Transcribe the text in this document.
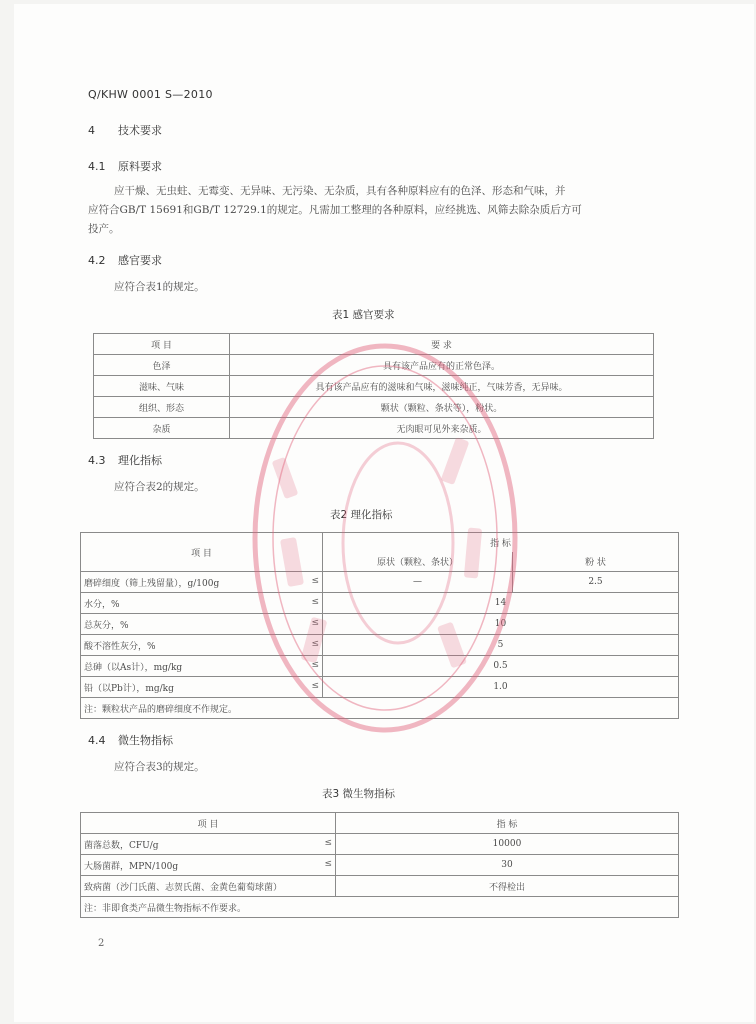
Q/KHW 0001 S—2010
4 技术要求
4.1 原料要求
应干燥、无虫蛀、无霉变、无异味、无污染、无杂质，具有各种原料应有的色泽、形态和气味，并
应符合GB/T 15691和GB/T 12729.1的规定。凡需加工整理的各种原料，应经挑选、风筛去除杂质后方可
投产。
4.2 感官要求
应符合表1的规定。
表1 感官要求
项 目	要 求
色泽	具有该产品应有的正常色泽。
滋味、气味	具有该产品应有的滋味和气味，滋味纯正，气味芳香，无异味。
组织、形态	颗状（颗粒、条状等），粉状。
杂质	无肉眼可见外来杂质。
4.3 理化指标
应符合表2的规定。
表2 理化指标
项 目	指 标	
	原状（颗粒、条状）	粉 状
磨碎细度（筛上残留量），g/100g ≤	—	2.5
水分，% ≤	14	
总灰分，% ≤	10	
酸不溶性灰分，% ≤	5	
总砷（以As计），mg/kg ≤	0.5	
铅（以Pb计），mg/kg ≤	1.0	
注：颗粒状产品的磨碎细度不作规定。		
4.4 微生物指标
应符合表3的规定。
表3 微生物指标
项 目	指 标
菌落总数，CFU/g ≤	10000
大肠菌群，MPN/100g ≤	30
致病菌（沙门氏菌、志贺氏菌、金黄色葡萄球菌）	不得检出
注：非即食类产品微生物指标不作要求。	
2
